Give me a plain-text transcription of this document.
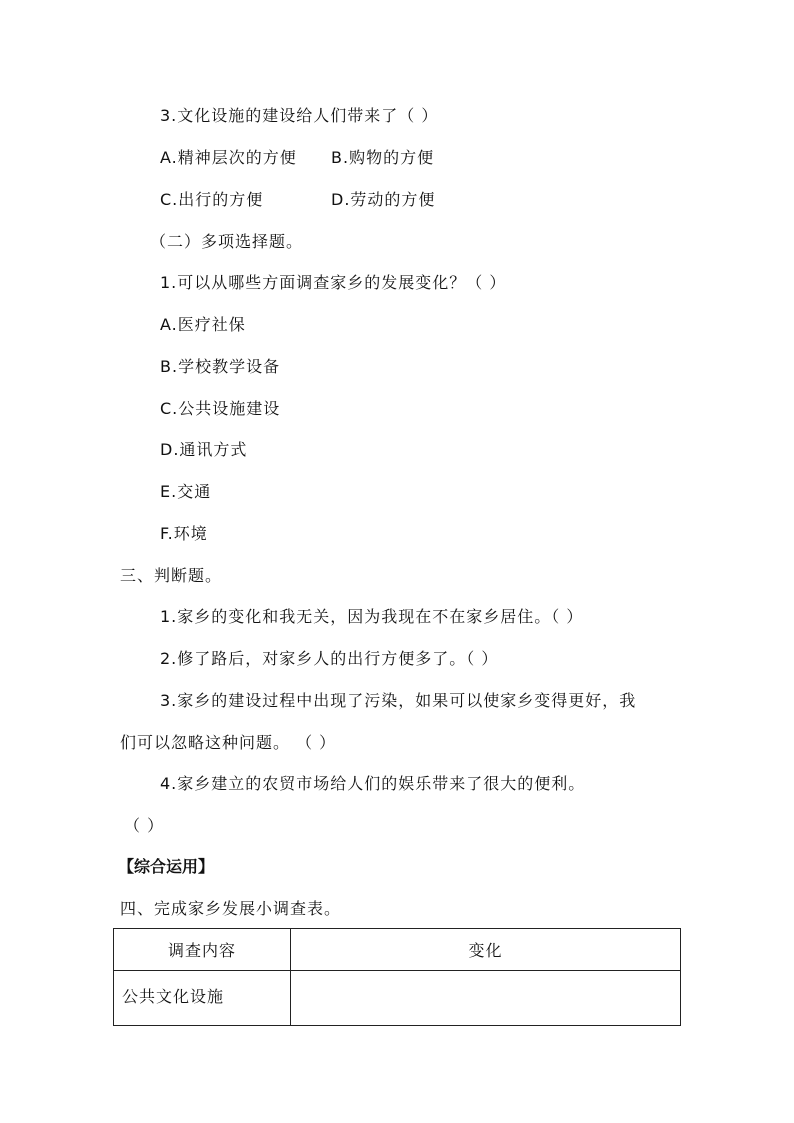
3.文化设施的建设给人们带来了（ ）
A.精神层次的方便 B.购物的方便
C.出行的方便	D.劳动的方便
（二）多项选择题。
1.可以从哪些方面调查家乡的发展变化？（ ）
A.医疗社保
B.学校教学设备
C.公共设施建设
D.通讯方式
E.交通
F.环境
三、判断题。
1.家乡的变化和我无关，因为我现在不在家乡居住。（ ）
2.修了路后，对家乡人的出行方便多了。（ ）
3.家乡的建设过程中出现了污染，如果可以使家乡变得更好，我
们可以忽略这种问题。 （ ）
4.家乡建立的农贸市场给人们的娱乐带来了很大的便利。
（ ）
【综合运用】
四、完成家乡发展小调查表。
调查内容	变化
公共文化设施	
